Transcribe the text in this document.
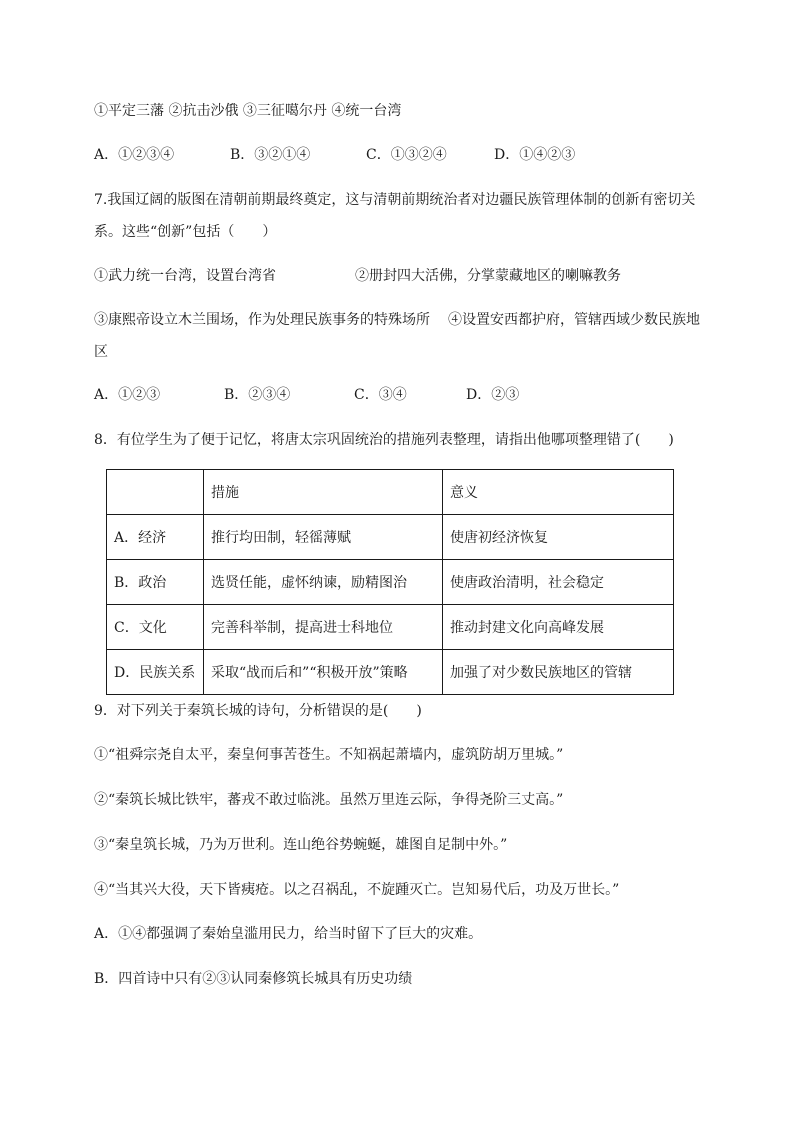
①平定三藩 ②抗击沙俄 ③三征噶尔丹 ④统一台湾
A．①②③④	B．③②①④	C．①③②④	D．①④②③
7.我国辽阔的版图在清朝前期最终奠定，这与清朝前期统治者对边疆民族管理体制的创新有密切关
系。这些“创新”包括（　　）
①武力统一台湾，设置台湾省	②册封四大活佛，分掌蒙藏地区的喇嘛教务
③康熙帝设立木兰围场，作为处理民族事务的特殊场所 ④设置安西都护府，管辖西域少数民族地
区
A．①②③	B．②③④	C．③④	D．②③
8．有位学生为了便于记忆，将唐太宗巩固统治的措施列表整理，请指出他哪项整理错了(　　)
	措施	意义
A．经济	推行均田制，轻徭薄赋	使唐初经济恢复
B．政治	选贤任能，虚怀纳谏，励精图治	使唐政治清明，社会稳定
C．文化	完善科举制，提高进士科地位	推动封建文化向高峰发展
D．民族关系	采取“战而后和”“积极开放”策略	加强了对少数民族地区的管辖
9．对下列关于秦筑长城的诗句，分析错误的是(　　)
①“祖舜宗尧自太平，秦皇何事苦苍生。不知祸起萧墙内，虚筑防胡万里城。”
②“秦筑长城比铁牢，蕃戎不敢过临洮。虽然万里连云际，争得尧阶三丈高。”
③“秦皇筑长城，乃为万世利。连山绝谷势蜿蜒，雄图自足制中外。”
④“当其兴大役，天下皆痍疮。以之召祸乱，不旋踵灭亡。岂知易代后，功及万世长。”
A．①④都强调了秦始皇滥用民力，给当时留下了巨大的灾难。
B．四首诗中只有②③认同秦修筑长城具有历史功绩
